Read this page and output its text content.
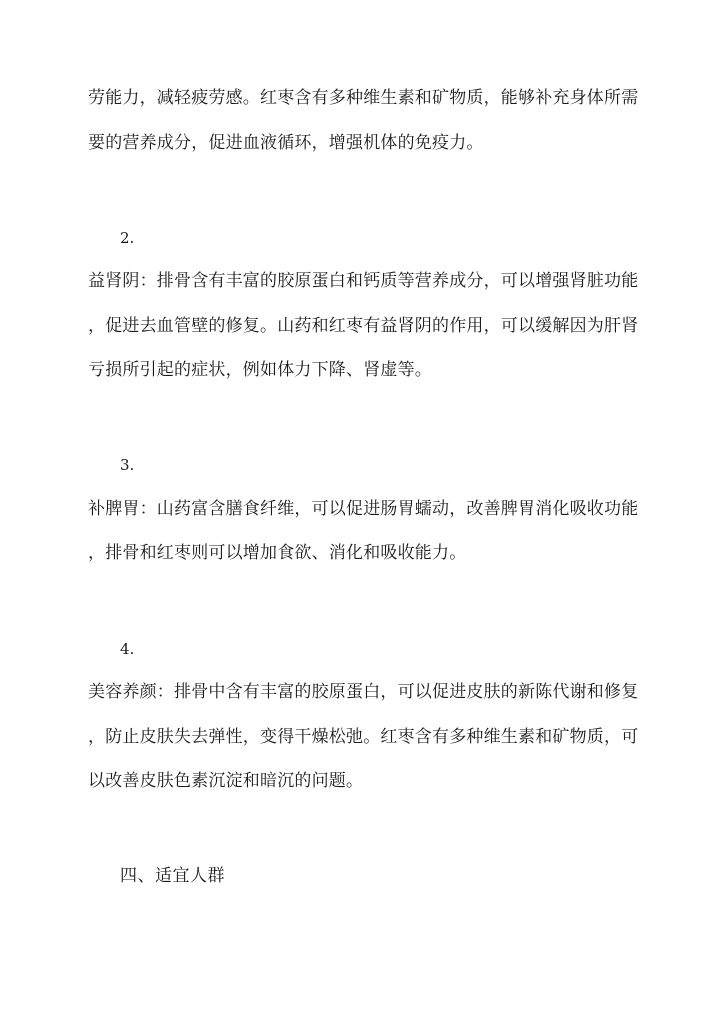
劳能力，减轻疲劳感。红枣含有多种维生素和矿物质，能够补充身体所需
要的营养成分，促进血液循环，增强机体的免疫力。
2.
益肾阴：排骨含有丰富的胶原蛋白和钙质等营养成分，可以增强肾脏功能
，促进去血管壁的修复。山药和红枣有益肾阴的作用，可以缓解因为肝肾
亏损所引起的症状，例如体力下降、肾虚等。
3.
补脾胃：山药富含膳食纤维，可以促进肠胃蠕动，改善脾胃消化吸收功能
，排骨和红枣则可以增加食欲、消化和吸收能力。
4.
美容养颜：排骨中含有丰富的胶原蛋白，可以促进皮肤的新陈代谢和修复
，防止皮肤失去弹性，变得干燥松弛。红枣含有多种维生素和矿物质，可
以改善皮肤色素沉淀和暗沉的问题。
四、适宜人群
